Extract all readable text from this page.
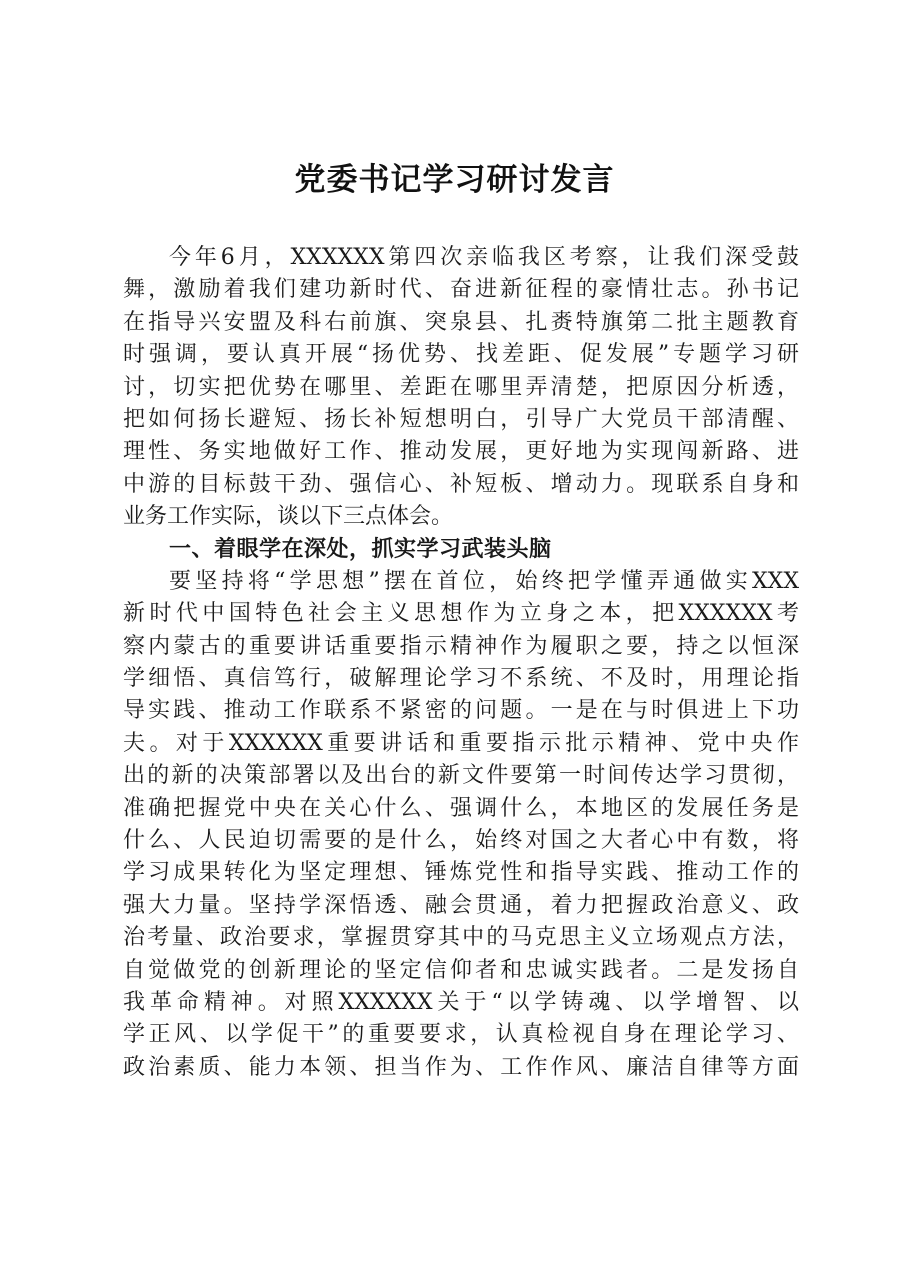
党委书记学习研讨发言
今年6月，XXXXXX第四次亲临我区考察，让我们深受鼓
舞，激励着我们建功新时代、奋进新征程的豪情壮志。孙书记
在指导兴安盟及科右前旗、突泉县、扎赉特旗第二批主题教育
时强调，要认真开展“扬优势、找差距、促发展”专题学习研
讨，切实把优势在哪里、差距在哪里弄清楚，把原因分析透，
把如何扬长避短、扬长补短想明白，引导广大党员干部清醒、
理性、务实地做好工作、推动发展，更好地为实现闯新路、进
中游的目标鼓干劲、强信心、补短板、增动力。现联系自身和
业务工作实际，谈以下三点体会。
一、着眼学在深处，抓实学习武装头脑
要坚持将“学思想”摆在首位，始终把学懂弄通做实XXX
新时代中国特色社会主义思想作为立身之本，把XXXXXX考
察内蒙古的重要讲话重要指示精神作为履职之要，持之以恒深
学细悟、真信笃行，破解理论学习不系统、不及时，用理论指
导实践、推动工作联系不紧密的问题。一是在与时俱进上下功
夫。对于XXXXXX重要讲话和重要指示批示精神、党中央作
出的新的决策部署以及出台的新文件要第一时间传达学习贯彻，
准确把握党中央在关心什么、强调什么，本地区的发展任务是
什么、人民迫切需要的是什么，始终对国之大者心中有数，将
学习成果转化为坚定理想、锤炼党性和指导实践、推动工作的
强大力量。坚持学深悟透、融会贯通，着力把握政治意义、政
治考量、政治要求，掌握贯穿其中的马克思主义立场观点方法，
自觉做党的创新理论的坚定信仰者和忠诚实践者。二是发扬自
我革命精神。对照XXXXXX关于“以学铸魂、以学增智、以
学正风、以学促干”的重要要求，认真检视自身在理论学习、
政治素质、能力本领、担当作为、工作作风、廉洁自律等方面
